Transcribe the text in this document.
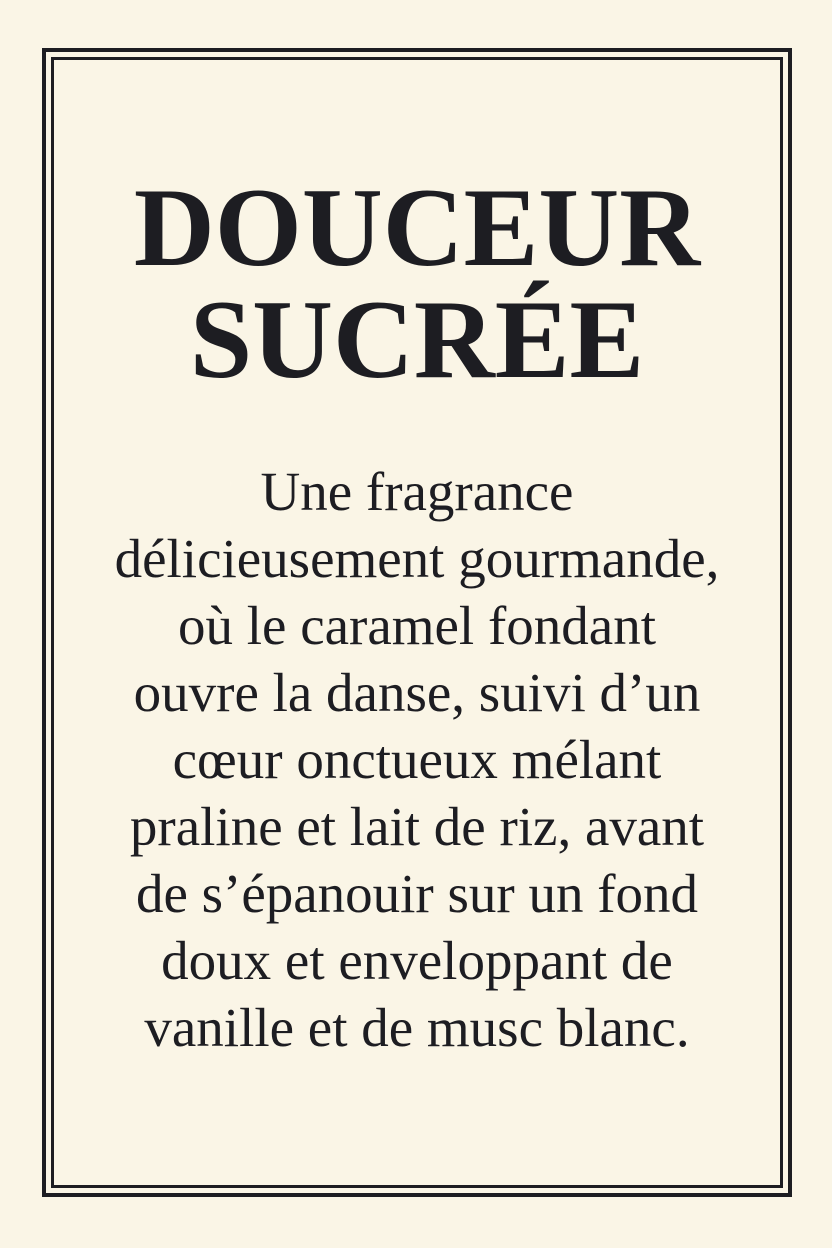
DOUCEUR
SUCRÉE

Une fragrance
délicieusement gourmande,
où le caramel fondant
ouvre la danse, suivi d’un
cœur onctueux mélant
praline et lait de riz, avant
de s’épanouir sur un fond
doux et enveloppant de
vanille et de musc blanc.
